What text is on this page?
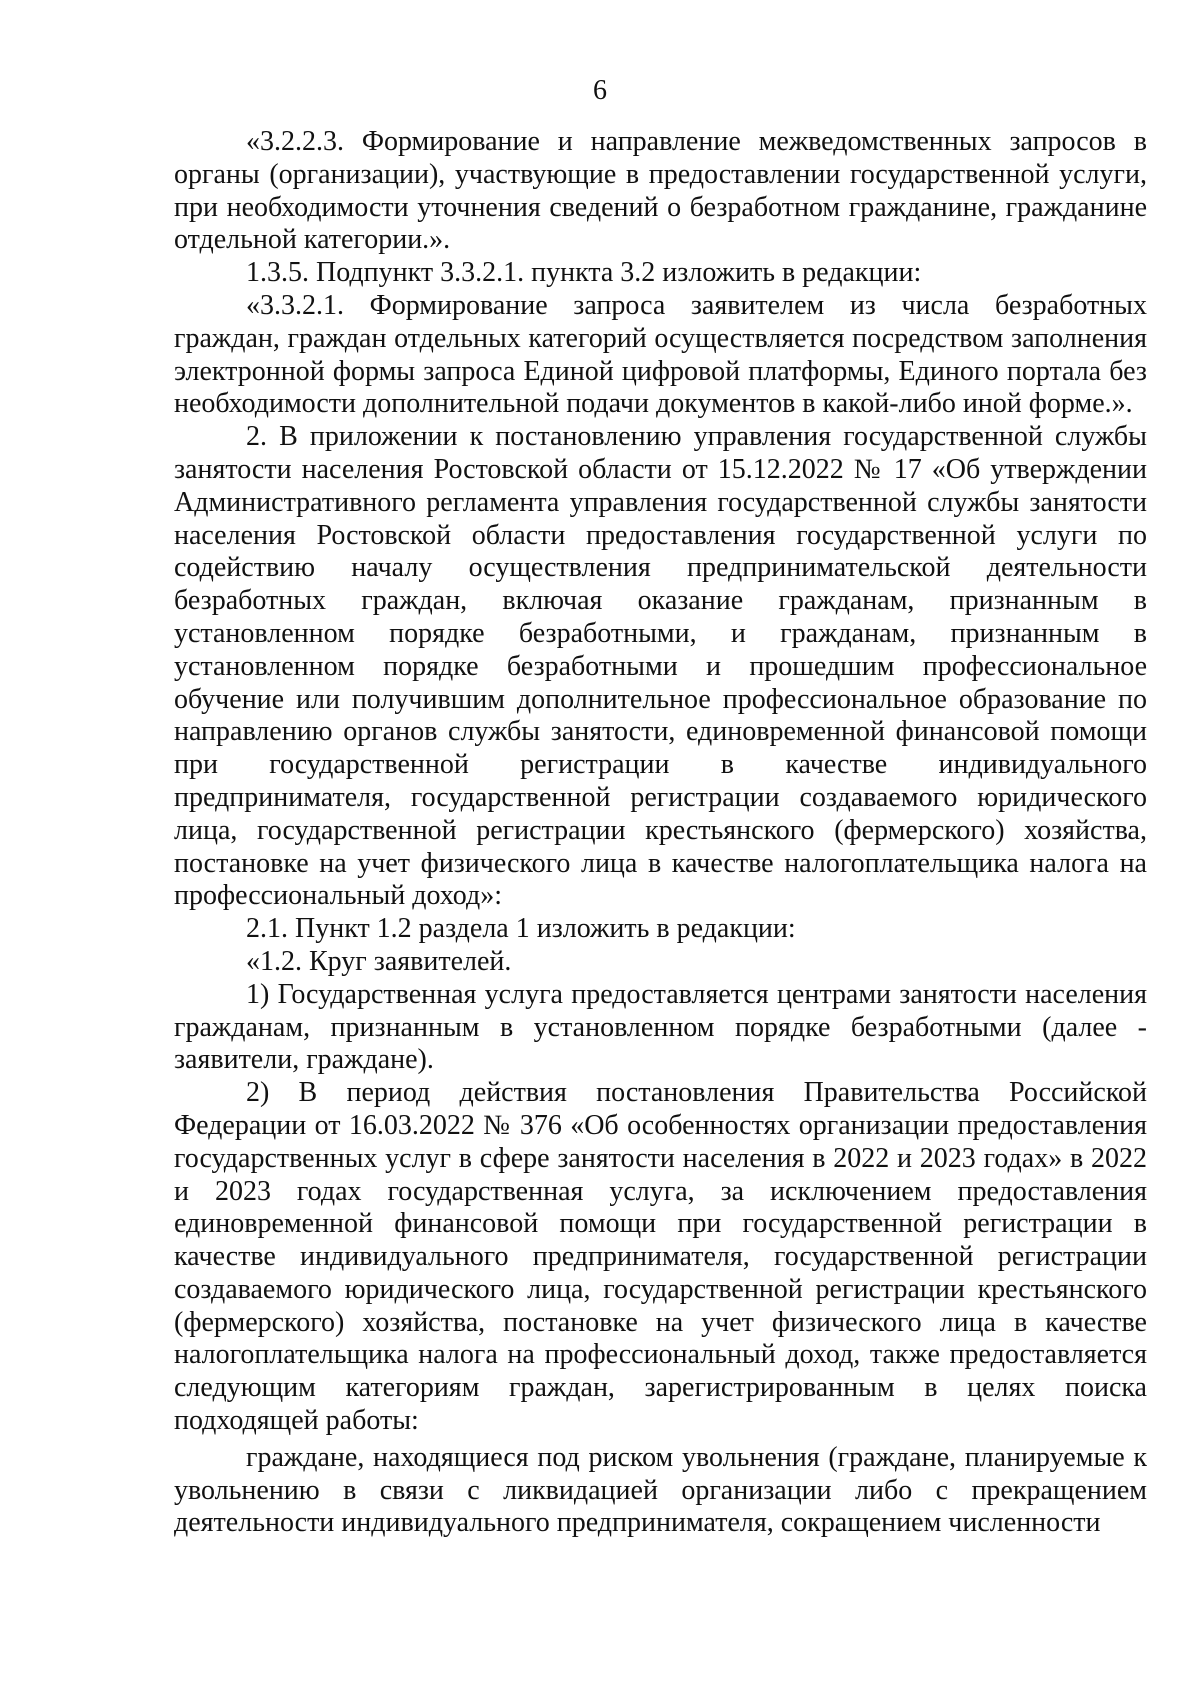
6

«3.2.2.3. Формирование и направление межведомственных запросов в органы (организации), участвующие в предоставлении государственной услуги, при необходимости уточнения сведений о безработном гражданине, гражданине отдельной категории.».

1.3.5. Подпункт 3.3.2.1. пункта 3.2 изложить в редакции:

«3.3.2.1. Формирование запроса заявителем из числа безработных граждан, граждан отдельных категорий осуществляется посредством заполнения электронной формы запроса Единой цифровой платформы, Единого портала без необходимости дополнительной подачи документов в какой-либо иной форме.».

2. В приложении к постановлению управления государственной службы занятости населения Ростовской области от 15.12.2022 № 17 «Об утверждении Административного регламента управления государственной службы занятости населения Ростовской области предоставления государственной услуги по содействию началу осуществления предпринимательской деятельности безработных граждан, включая оказание гражданам, признанным в установленном порядке безработными, и гражданам, признанным в установленном порядке безработными и прошедшим профессиональное обучение или получившим дополнительное профессиональное образование по направлению органов службы занятости, единовременной финансовой помощи при государственной регистрации в качестве индивидуального предпринимателя, государственной регистрации создаваемого юридического лица, государственной регистрации крестьянского (фермерского) хозяйства, постановке на учет физического лица в качестве налогоплательщика налога на профессиональный доход»:

2.1. Пункт 1.2 раздела 1 изложить в редакции:

«1.2. Круг заявителей.

1) Государственная услуга предоставляется центрами занятости населения гражданам, признанным в установленном порядке безработными (далее - заявители, граждане).

2) В период действия постановления Правительства Российской Федерации от 16.03.2022 № 376 «Об особенностях организации предоставления государственных услуг в сфере занятости населения в 2022 и 2023 годах» в 2022 и 2023 годах государственная услуга, за исключением предоставления единовременной финансовой помощи при государственной регистрации в качестве индивидуального предпринимателя, государственной регистрации создаваемого юридического лица, государственной регистрации крестьянского (фермерского) хозяйства, постановке на учет физического лица в качестве налогоплательщика налога на профессиональный доход, также предоставляется следующим категориям граждан, зарегистрированным в целях поиска подходящей работы:

граждане, находящиеся под риском увольнения (граждане, планируемые к увольнению в связи с ликвидацией организации либо с прекращением деятельности индивидуального предпринимателя, сокращением численности
